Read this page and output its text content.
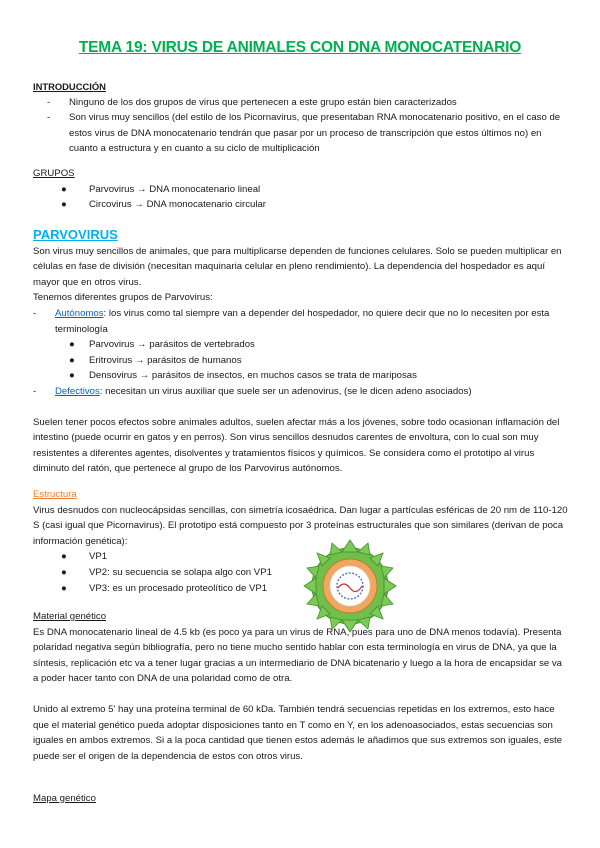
TEMA 19: VIRUS DE ANIMALES CON DNA MONOCATENARIO
INTRODUCCIÓN
- Ninguno de los dos grupos de virus que pertenecen a este grupo están bien caracterizados
- Son virus muy sencillos (del estilo de los Picornavirus, que presentaban RNA monocatenario positivo, en el caso de estos virus de DNA monocatenario tendrán que pasar por un proceso de transcripción que estos últimos no) en cuanto a estructura y en cuanto a su ciclo de multiplicación
GRUPOS
● Parvovirus → DNA monocatenario lineal
● Circovirus → DNA monocatenario circular
PARVOVIRUS

Son virus muy sencillos de animales, que para multiplicarse dependen de funciones celulares. Solo se pueden multiplicar en células en fase de división (necesitan maquinaria celular en pleno rendimiento). La dependencia del hospedador es aquí mayor que en otros virus.

Tenemos diferentes grupos de Parvovirus:

- Autónomos: los virus como tal siempre van a depender del hospedador, no quiere decir que no lo necesiten por esta terminología
● Parvovirus → parásitos de vertebrados
● Eritrovirus → parásitos de humanos
● Densovirus → parásitos de insectos, en muchos casos se trata de mariposas
- Defectivos: necesitan un virus auxiliar que suele ser un adenovirus, (se le dicen adeno asociados)

Suelen tener pocos efectos sobre animales adultos, suelen afectar más a los jóvenes, sobre todo ocasionan inflamación del intestino (puede ocurrir en gatos y en perros). Son virus sencillos desnudos carentes de envoltura, con lo cual son muy resistentes a diferentes agentes, disolventes y tratamientos físicos y químicos. Se considera como el prototipo al virus diminuto del ratón, que pertenece al grupo de los Parvovirus autónomos.

Estructura

Virus desnudos con nucleocápsidas sencillas, con simetría icosaédrica. Dan lugar a partículas esféricas de 20 nm de 110-120 S (casi igual que Picornavirus). El prototipo está compuesto por 3 proteínas estructurales que son similares (derivan de poca información genética):

● VP1
● VP2: su secuencia se solapa algo con VP1
● VP3: es un procesado proteolítico de VP1
Material genético

Es DNA monocatenario lineal de 4.5 kb (es poco ya para un virus de RNA, pues para uno de DNA menos todavía). Presenta polaridad negativa según bibliografía, pero no tiene mucho sentido hablar con esta terminología en virus de DNA, ya que la síntesis, replicación etc va a tener lugar gracias a un intermediario de DNA bicatenario y luego a la hora de encapsidar se va a poder hacer tanto con DNA de una polaridad como de otra.

Unido al extremo 5' hay una proteína terminal de 60 kDa. También tendrá secuencias repetidas en los extremos, esto hace que el material genético pueda adoptar disposiciones tanto en T como en Y, en los adenoasociados, estas secuencias son iguales en ambos extremos. Si a la poca cantidad que tienen estos además le añadimos que sus extremos son iguales, este puede ser el origen de la dependencia de estos con otros virus.

Mapa genético
